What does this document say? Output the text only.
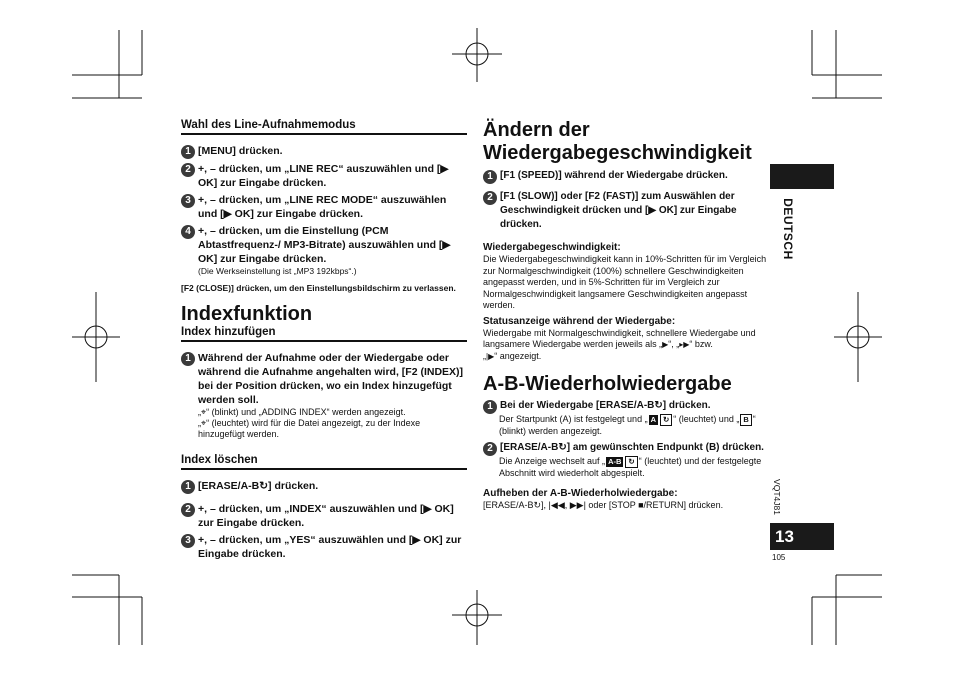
Wahl des Line-Aufnahmemodus
1 [MENU] drücken.
2 +, – drücken, um „LINE REC“ auszuwählen und [▶ OK] zur Eingabe drücken.
3 +, – drücken, um „LINE REC MODE“ auszuwählen und [▶ OK] zur Eingabe drücken.
4 +, – drücken, um die Einstellung (PCM Abtastfrequenz-/ MP3-Bitrate) auszuwählen und [▶ OK] zur Eingabe drücken.
(Die Werkseinstellung ist „MP3 192kbps“.)
[F2 (CLOSE)] drücken, um den Einstellungsbildschirm zu verlassen.
Indexfunktion
Index hinzufügen
1 Während der Aufnahme oder der Wiedergabe oder während die Aufnahme angehalten wird, [F2 (INDEX)] bei der Position drücken, wo ein Index hinzugefügt werden soll.
„⌖“ (blinkt) und „ADDING INDEX“ werden angezeigt.
„⌖“ (leuchtet) wird für die Datei angezeigt, zu der Indexe hinzugefügt werden.
Index löschen
1 [ERASE/A-B↻] drücken.
2 +, – drücken, um „INDEX“ auszuwählen und [▶ OK] zur Eingabe drücken.
3 +, – drücken, um „YES“ auszuwählen und [▶ OK] zur Eingabe drücken.
Ändern der
Wiedergabegeschwindigkeit
1 [F1 (SPEED)] während der Wiedergabe drücken.
2 [F1 (SLOW)] oder [F2 (FAST)] zum Auswählen der Geschwindigkeit drücken und [▶ OK] zur Eingabe drücken.
Wiedergabegeschwindigkeit:
Die Wiedergabegeschwindigkeit kann in 10%-Schritten für im Vergleich zur Normalgeschwindigkeit (100%) schnellere Geschwindigkeiten angepasst werden, und in 5%-Schritten für im Vergleich zur Normalgeschwindigkeit langsamere Geschwindigkeiten angepasst werden.
Statusanzeige während der Wiedergabe:
Wiedergabe mit Normalgeschwindigkeit, schnellere Wiedergabe und langsamere Wiedergabe werden jeweils als „▶“, „▸▶“ bzw.
„|▶“ angezeigt.
A-B-Wiederholwiedergabe
1 Bei der Wiedergabe [ERASE/A-B↻] drücken.
Der Startpunkt (A) ist festgelegt und „ A ↻ “ (leuchtet) und „ B “ (blinkt) werden angezeigt.
2 [ERASE/A-B↻] am gewünschten Endpunkt (B) drücken.
Die Anzeige wechselt auf „ A-B ↻ “ (leuchtet) und der festgelegte Abschnitt wird wiederholt abgespielt.
Aufheben der A-B-Wiederholwiedergabe:
[ERASE/A-B↻], |◀◀, ▶▶| oder [STOP ■/RETURN] drücken.
DEUTSCH
VQT4J81
13
105
